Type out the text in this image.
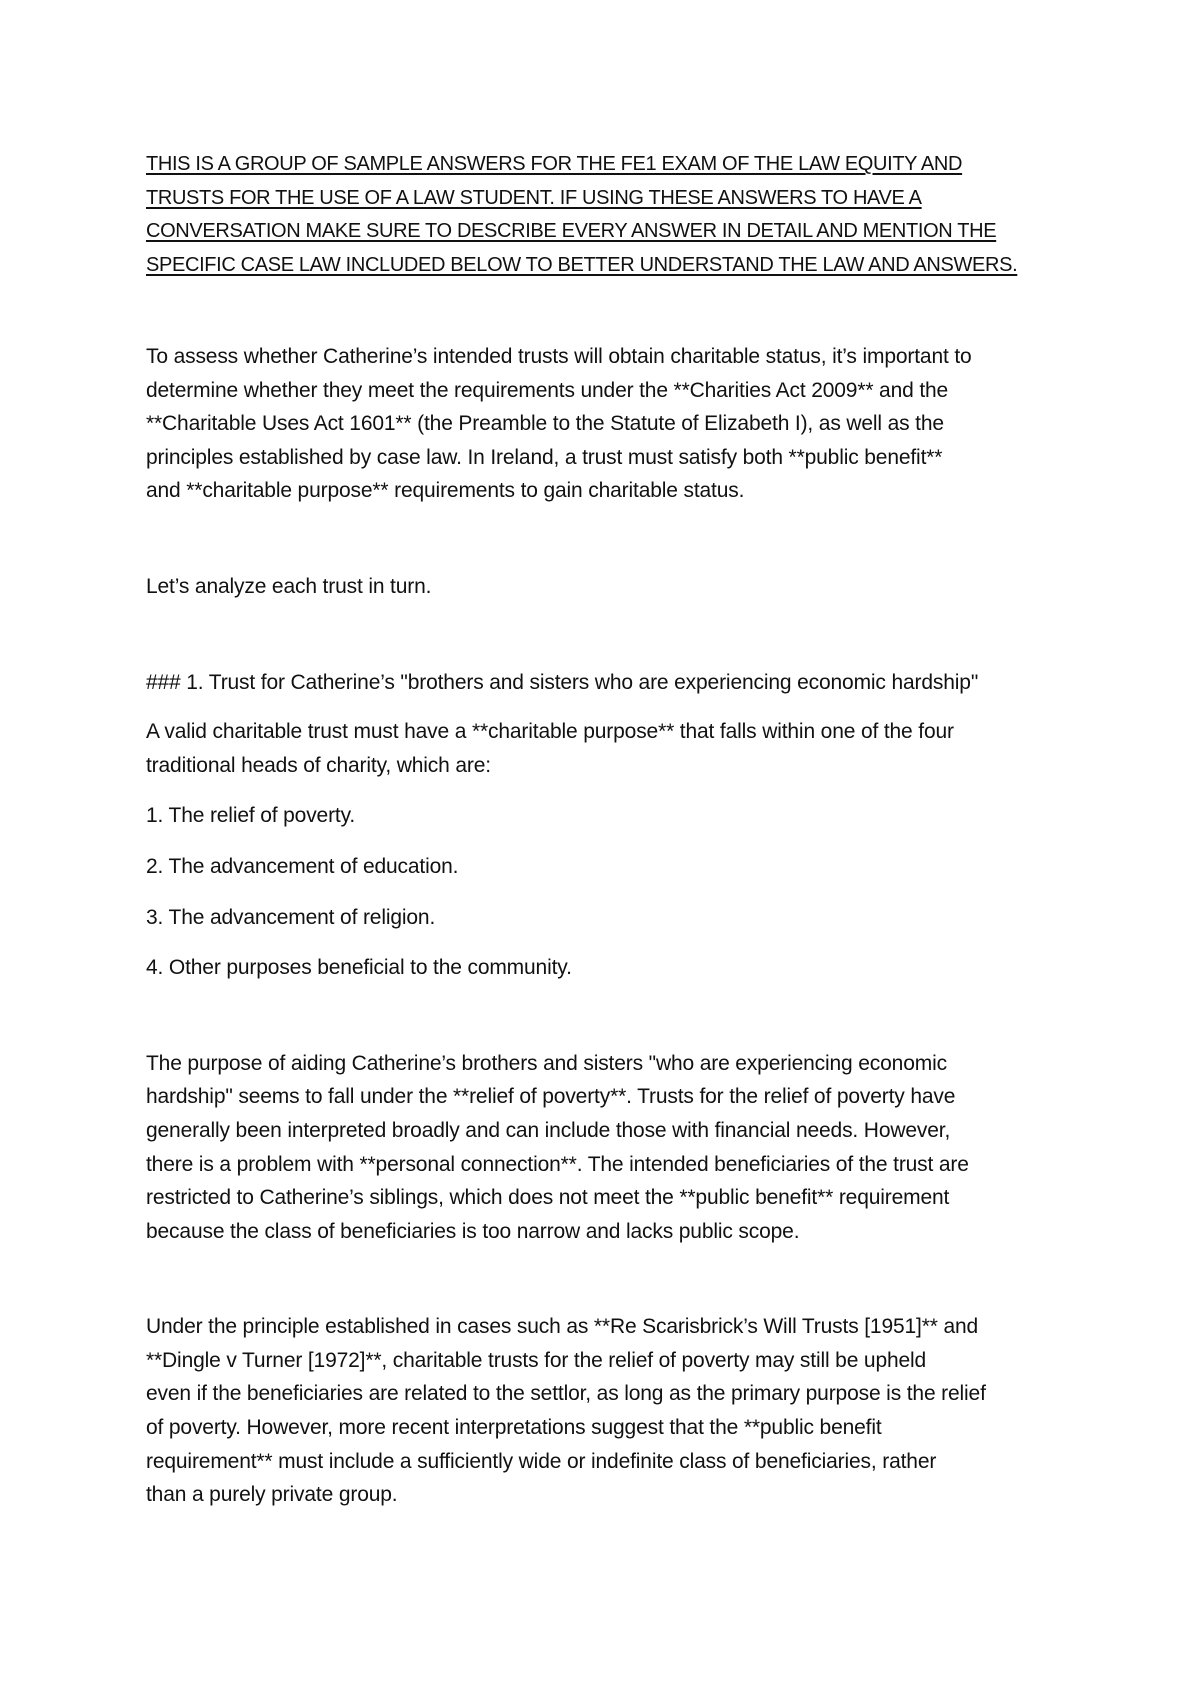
THIS IS A GROUP OF SAMPLE ANSWERS FOR THE FE1 EXAM OF THE LAW EQUITY AND
TRUSTS FOR THE USE OF A LAW STUDENT. IF USING THESE ANSWERS TO HAVE A
CONVERSATION MAKE SURE TO DESCRIBE EVERY ANSWER IN DETAIL AND MENTION THE
SPECIFIC CASE LAW INCLUDED BELOW TO BETTER UNDERSTAND THE LAW AND ANSWERS.

To assess whether Catherine’s intended trusts will obtain charitable status, it’s important to
determine whether they meet the requirements under the **Charities Act 2009** and the
**Charitable Uses Act 1601** (the Preamble to the Statute of Elizabeth I), as well as the
principles established by case law. In Ireland, a trust must satisfy both **public benefit**
and **charitable purpose** requirements to gain charitable status.

Let’s analyze each trust in turn.

### 1. Trust for Catherine’s "brothers and sisters who are experiencing economic hardship"

A valid charitable trust must have a **charitable purpose** that falls within one of the four
traditional heads of charity, which are:

1. The relief of poverty.

2. The advancement of education.

3. The advancement of religion.

4. Other purposes beneficial to the community.

The purpose of aiding Catherine’s brothers and sisters "who are experiencing economic
hardship" seems to fall under the **relief of poverty**. Trusts for the relief of poverty have
generally been interpreted broadly and can include those with financial needs. However,
there is a problem with **personal connection**. The intended beneficiaries of the trust are
restricted to Catherine’s siblings, which does not meet the **public benefit** requirement
because the class of beneficiaries is too narrow and lacks public scope.

Under the principle established in cases such as **Re Scarisbrick’s Will Trusts [1951]** and
**Dingle v Turner [1972]**, charitable trusts for the relief of poverty may still be upheld
even if the beneficiaries are related to the settlor, as long as the primary purpose is the relief
of poverty. However, more recent interpretations suggest that the **public benefit
requirement** must include a sufficiently wide or indefinite class of beneficiaries, rather
than a purely private group.
